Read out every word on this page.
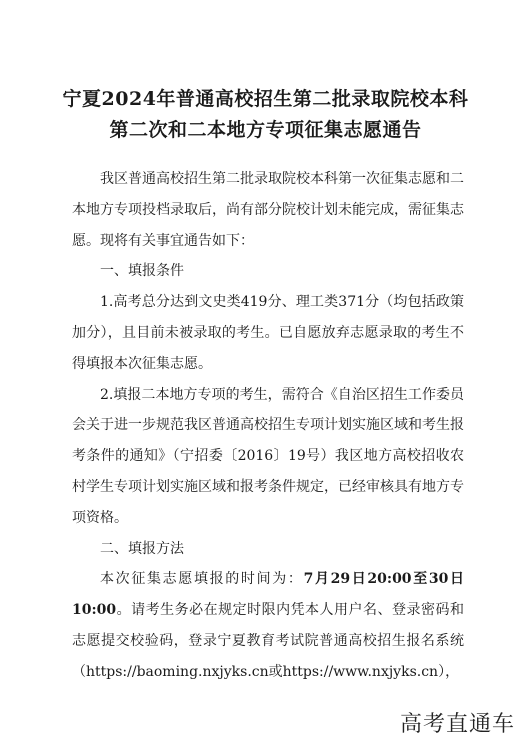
宁夏2024年普通高校招生第二批录取院校本科
第二次和二本地方专项征集志愿通告

我区普通高校招生第二批录取院校本科第一次征集志愿和二本地方专项投档录取后，尚有部分院校计划未能完成，需征集志愿。现将有关事宜通告如下：

一、填报条件

1.高考总分达到文史类419分、理工类371分（均包括政策加分），且目前未被录取的考生。已自愿放弃志愿录取的考生不得填报本次征集志愿。

2.填报二本地方专项的考生，需符合《自治区招生工作委员会关于进一步规范我区普通高校招生专项计划实施区域和考生报考条件的通知》（宁招委〔2016〕19号）我区地方高校招收农村学生专项计划实施区域和报考条件规定，已经审核具有地方专项资格。

二、填报方法

本次征集志愿填报的时间为：7月29日20:00至30日10:00。请考生务必在规定时限内凭本人用户名、登录密码和志愿提交校验码，登录宁夏教育考试院普通高校招生报名系统（https://baoming.nxjyks.cn或https://www.nxjyks.cn），

高考直通车
